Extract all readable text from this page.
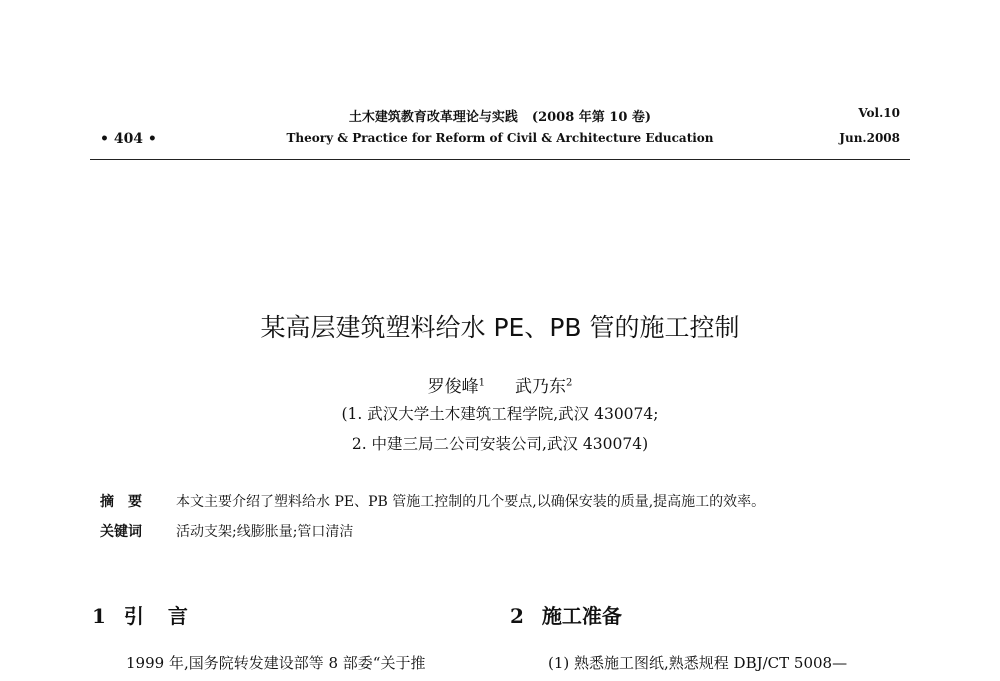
土木建筑教育改革理论与实践 (2008 年第 10 卷)
Theory & Practice for Reform of Civil & Architecture Education
• 404 •
Vol.10
Jun.2008
某高层建筑塑料给水 PE、PB 管的施工控制
罗俊峰$^1$ 武乃东$^2$
(1. 武汉大学土木建筑工程学院,武汉 430074;
2. 中建三局二公司安装公司,武汉 430074)
摘要 本文主要介绍了塑料给水 PE、PB 管施工控制的几个要点,以确保安装的质量,提高施工的效率。
关键词 活动支架;线膨胀量;管口清洁
1 引言	2 施工准备
1999 年,国务院转发建设部等 8 部委“关于推	(1) 熟悉施工图纸,熟悉规程 DBJ/CT 5008—
